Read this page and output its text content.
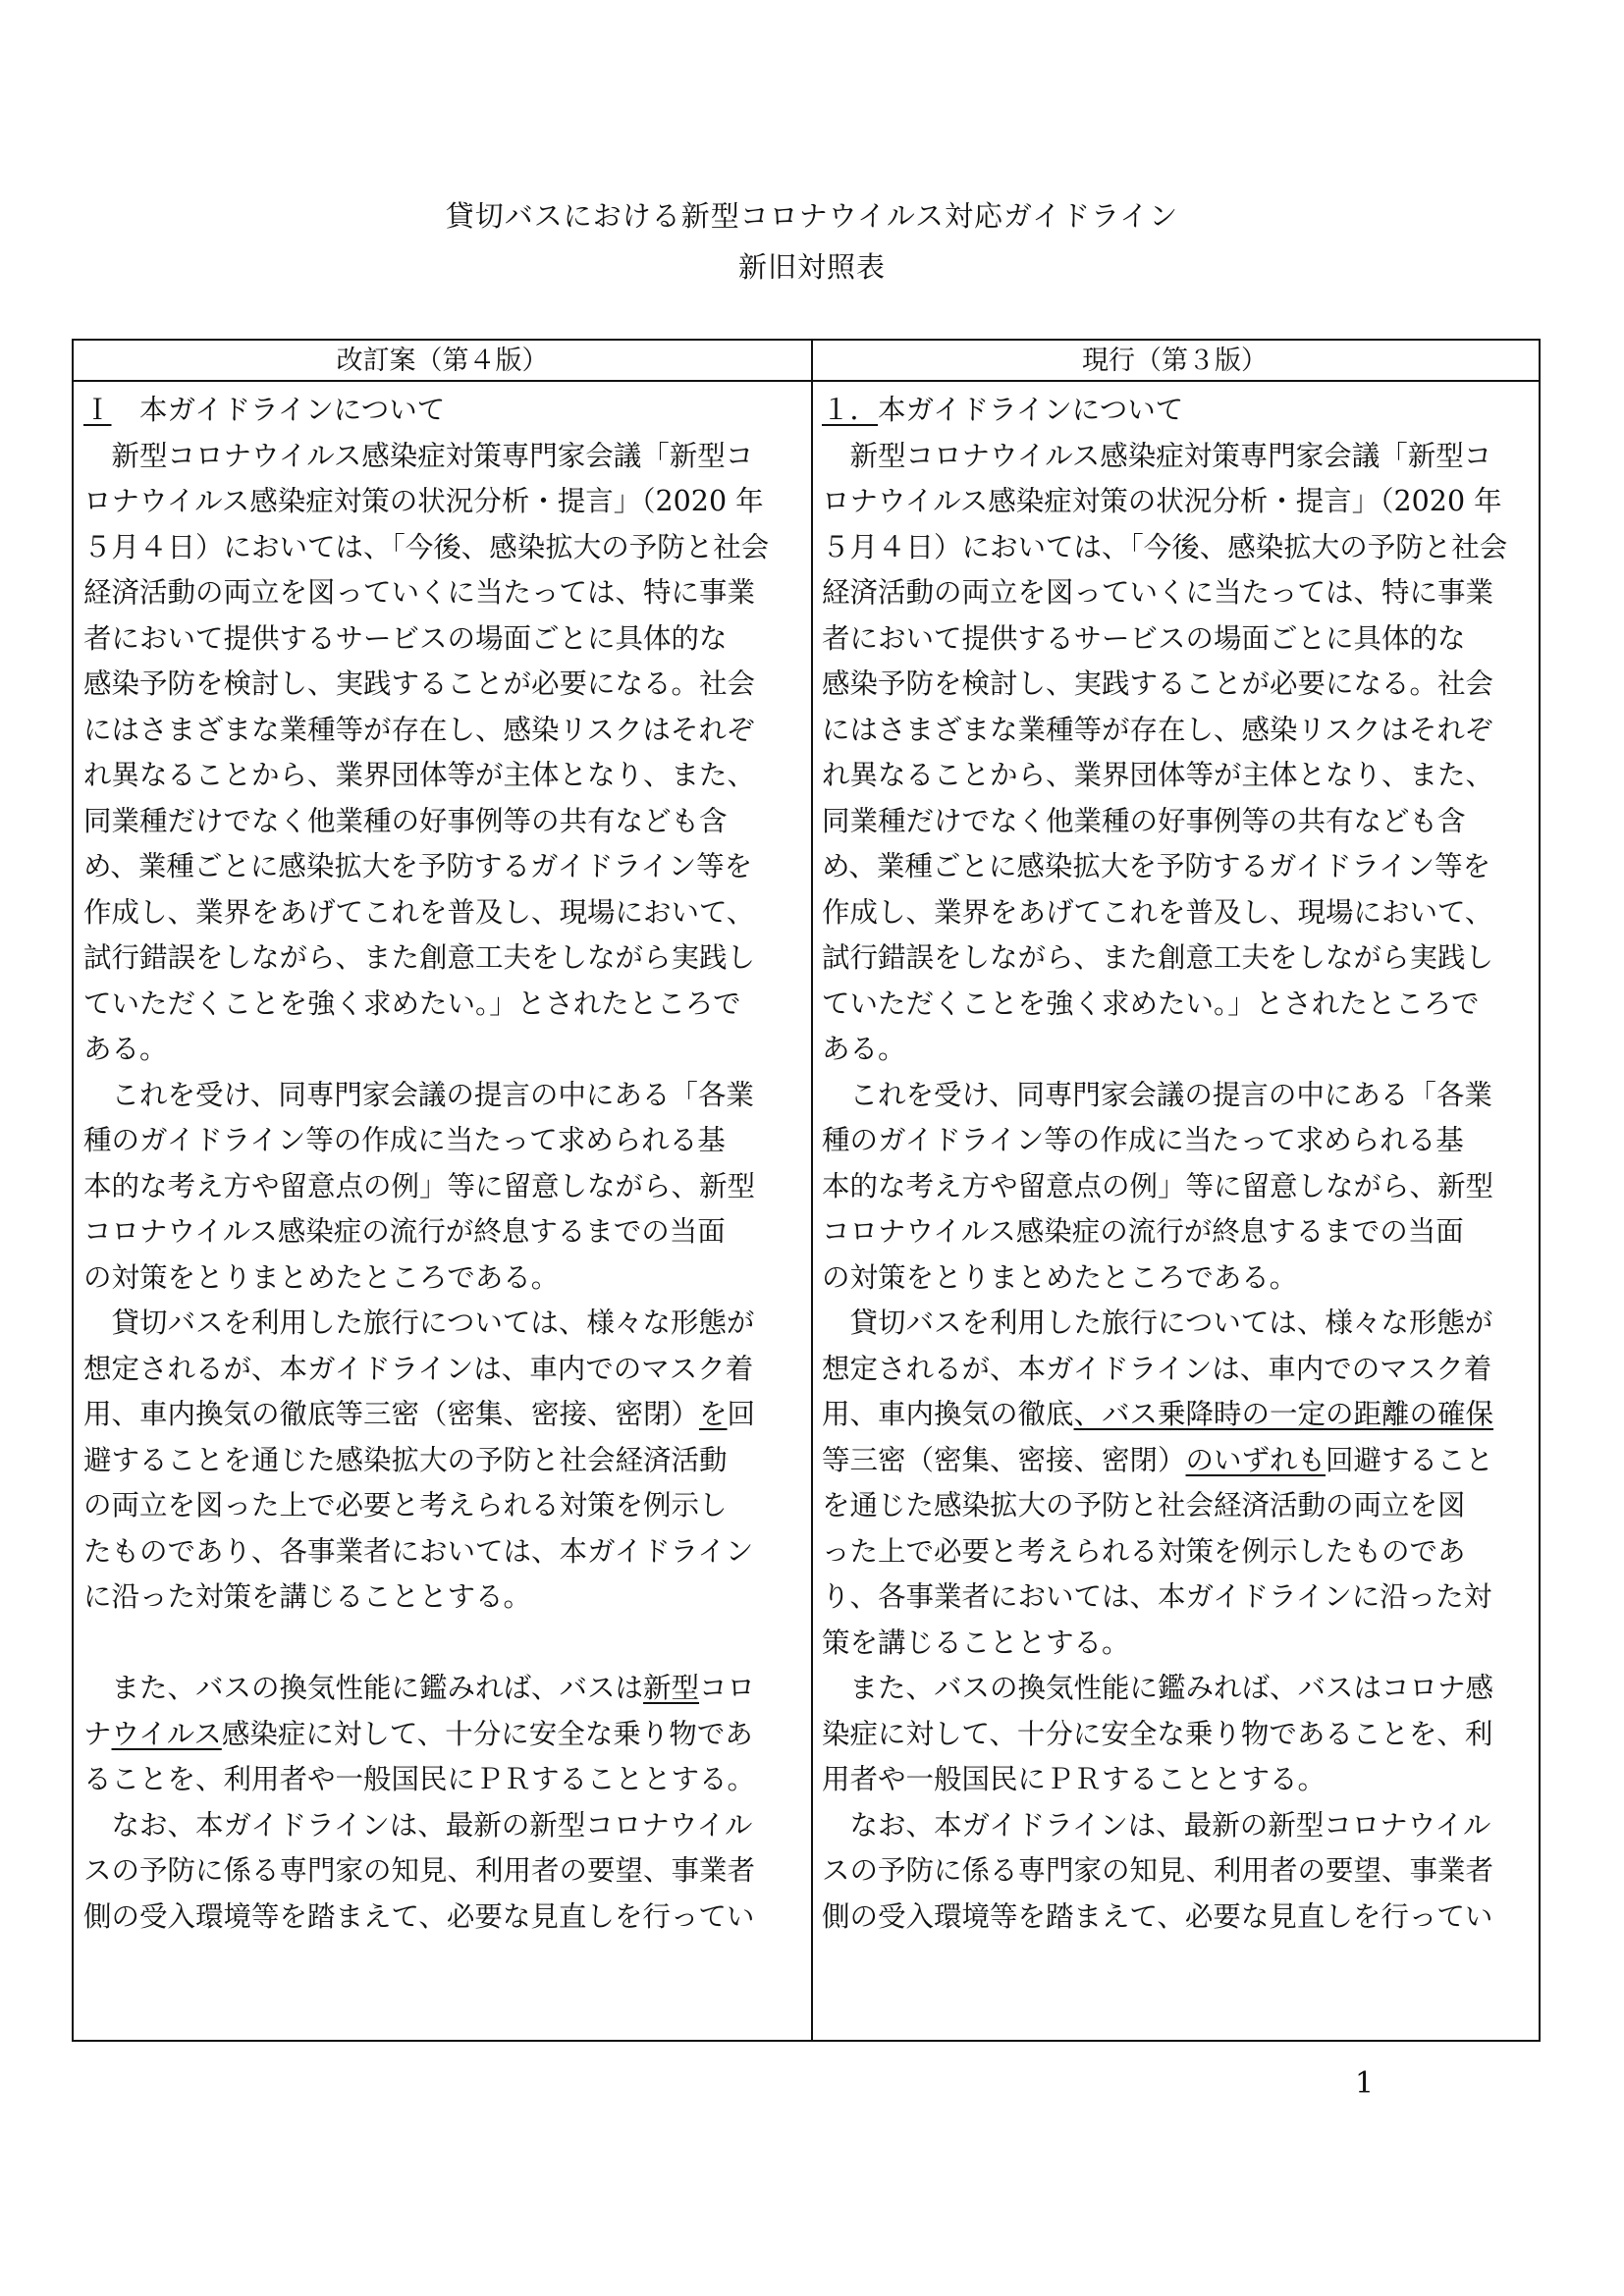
貸切バスにおける新型コロナウイルス対応ガイドライン
新旧対照表
改訂案（第４版）	現行（第３版）
Ｉ　本ガイドラインについて
　新型コロナウイルス感染症対策専門家会議「新型コ
ロナウイルス感染症対策の状況分析・提言」（2020 年
５月４日）においては、「今後、感染拡大の予防と社会
経済活動の両立を図っていくに当たっては、特に事業
者において提供するサービスの場面ごとに具体的な
感染予防を検討し、実践することが必要になる。社会
にはさまざまな業種等が存在し、感染リスクはそれぞ
れ異なることから、業界団体等が主体となり、また、
同業種だけでなく他業種の好事例等の共有なども含
め、業種ごとに感染拡大を予防するガイドライン等を
作成し、業界をあげてこれを普及し、現場において、
試行錯誤をしながら、また創意工夫をしながら実践し
ていただくことを強く求めたい。」とされたところで
ある。
　これを受け、同専門家会議の提言の中にある「各業
種のガイドライン等の作成に当たって求められる基
本的な考え方や留意点の例」等に留意しながら、新型
コロナウイルス感染症の流行が終息するまでの当面
の対策をとりまとめたところである。
　貸切バスを利用した旅行については、様々な形態が
想定されるが、本ガイドラインは、車内でのマスク着
用、車内換気の徹底等三密（密集、密接、密閉）を回
避することを通じた感染拡大の予防と社会経済活動
の両立を図った上で必要と考えられる対策を例示し
たものであり、各事業者においては、本ガイドライン
に沿った対策を講じることとする。
　また、バスの換気性能に鑑みれば、バスは新型コロ
ナウイルス感染症に対して、十分に安全な乗り物であ
ることを、利用者や一般国民にＰＲすることとする。
　なお、本ガイドラインは、最新の新型コロナウイル
スの予防に係る専門家の知見、利用者の要望、事業者
側の受入環境等を踏まえて、必要な見直しを行ってい
１．本ガイドラインについて
　新型コロナウイルス感染症対策専門家会議「新型コ
ロナウイルス感染症対策の状況分析・提言」（2020 年
５月４日）においては、「今後、感染拡大の予防と社会
経済活動の両立を図っていくに当たっては、特に事業
者において提供するサービスの場面ごとに具体的な
感染予防を検討し、実践することが必要になる。社会
にはさまざまな業種等が存在し、感染リスクはそれぞ
れ異なることから、業界団体等が主体となり、また、
同業種だけでなく他業種の好事例等の共有なども含
め、業種ごとに感染拡大を予防するガイドライン等を
作成し、業界をあげてこれを普及し、現場において、
試行錯誤をしながら、また創意工夫をしながら実践し
ていただくことを強く求めたい。」とされたところで
ある。
　これを受け、同専門家会議の提言の中にある「各業
種のガイドライン等の作成に当たって求められる基
本的な考え方や留意点の例」等に留意しながら、新型
コロナウイルス感染症の流行が終息するまでの当面
の対策をとりまとめたところである。
　貸切バスを利用した旅行については、様々な形態が
想定されるが、本ガイドラインは、車内でのマスク着
用、車内換気の徹底、バス乗降時の一定の距離の確保
等三密（密集、密接、密閉）のいずれも回避すること
を通じた感染拡大の予防と社会経済活動の両立を図
った上で必要と考えられる対策を例示したものであ
り、各事業者においては、本ガイドラインに沿った対
策を講じることとする。
　また、バスの換気性能に鑑みれば、バスはコロナ感
染症に対して、十分に安全な乗り物であることを、利
用者や一般国民にＰＲすることとする。
　なお、本ガイドラインは、最新の新型コロナウイル
スの予防に係る専門家の知見、利用者の要望、事業者
側の受入環境等を踏まえて、必要な見直しを行ってい
1
